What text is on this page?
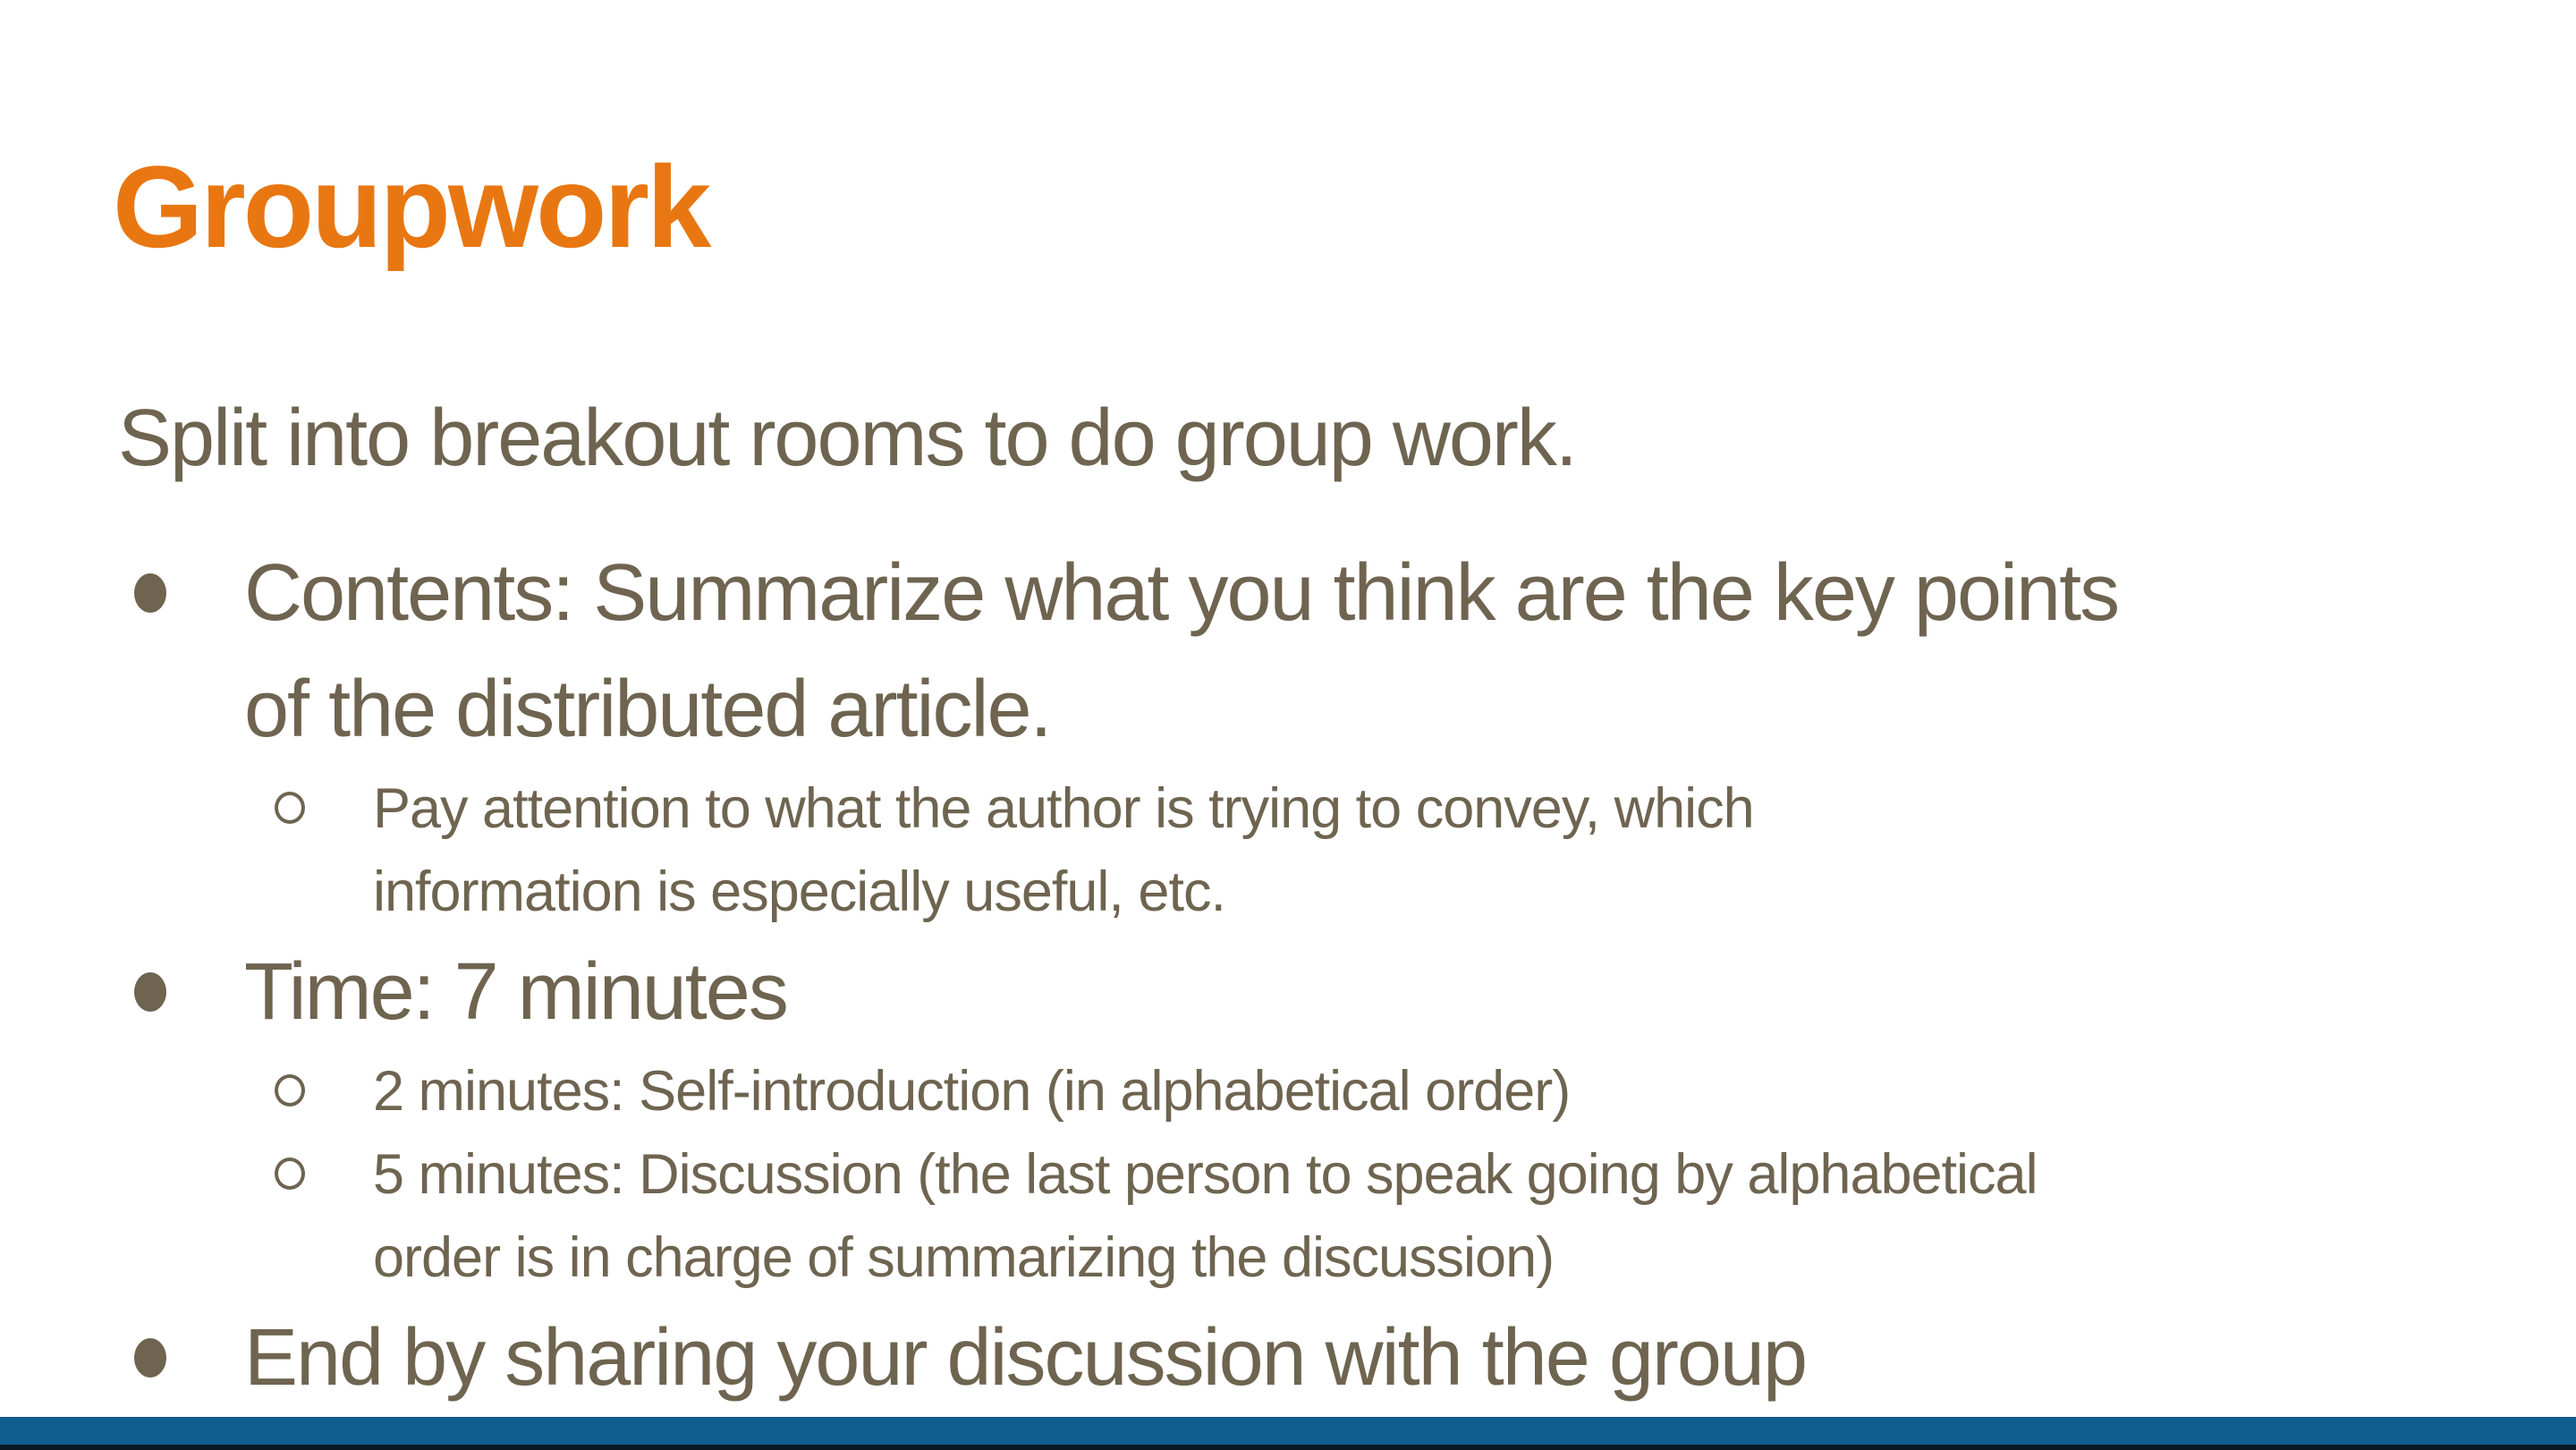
Groupwork

Split into breakout rooms to do group work.

Contents: Summarize what you think are the key points
of the distributed article.
Pay attention to what the author is trying to convey, which
information is especially useful, etc.
Time: 7 minutes
2 minutes: Self-introduction (in alphabetical order)
5 minutes: Discussion (the last person to speak going by alphabetical
order is in charge of summarizing the discussion)
End by sharing your discussion with the group
